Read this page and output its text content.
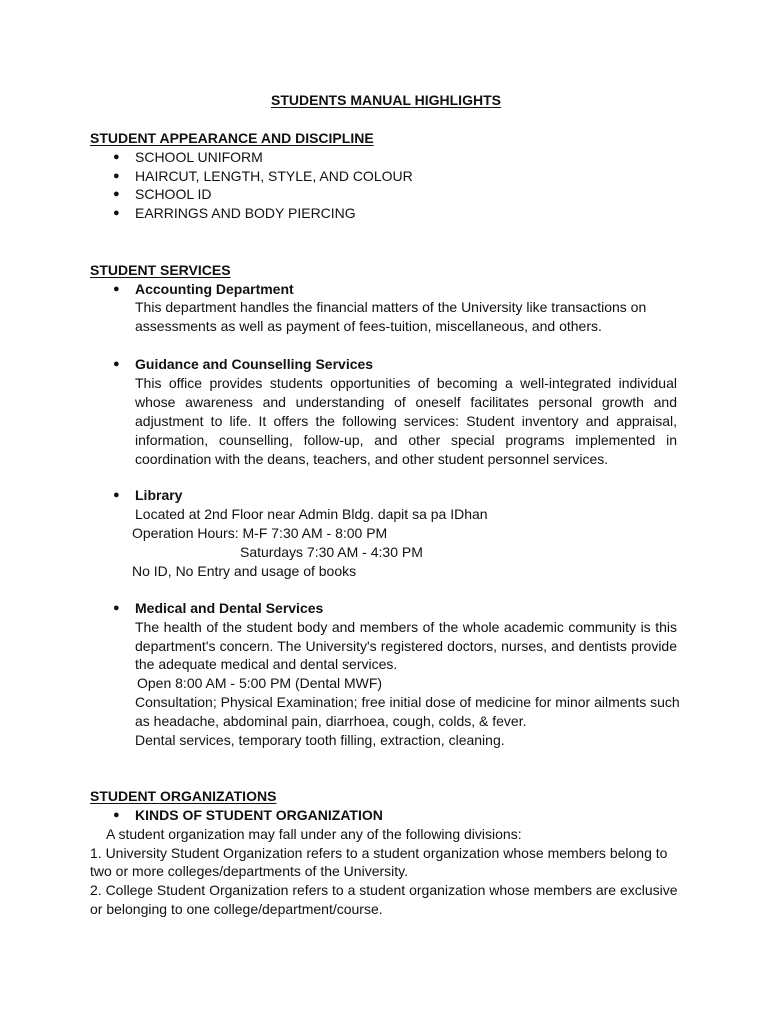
STUDENTS MANUAL HIGHLIGHTS
STUDENT APPEARANCE AND DISCIPLINE
● SCHOOL UNIFORM
● HAIRCUT, LENGTH, STYLE, AND COLOUR
● SCHOOL ID
● EARRINGS AND BODY PIERCING
STUDENT SERVICES
● Accounting Department
This department handles the financial matters of the University like transactions on
assessments as well as payment of fees-tuition, miscellaneous, and others.
● Guidance and Counselling Services
This office provides students opportunities of becoming a well-integrated individual
whose awareness and understanding of oneself facilitates personal growth and
adjustment to life. It offers the following services: Student inventory and appraisal,
information, counselling, follow-up, and other special programs implemented in
coordination with the deans, teachers, and other student personnel services.
● Library
Located at 2nd Floor near Admin Bldg. dapit sa pa IDhan
Operation Hours: M-F 7:30 AM - 8:00 PM
Saturdays 7:30 AM - 4:30 PM
No ID, No Entry and usage of books
● Medical and Dental Services
The health of the student body and members of the whole academic community is this
department's concern. The University's registered doctors, nurses, and dentists provide
the adequate medical and dental services.
Open 8:00 AM - 5:00 PM (Dental MWF)
Consultation; Physical Examination; free initial dose of medicine for minor ailments such
as headache, abdominal pain, diarrhoea, cough, colds, & fever.
Dental services, temporary tooth filling, extraction, cleaning.
STUDENT ORGANIZATIONS
● KINDS OF STUDENT ORGANIZATION
A student organization may fall under any of the following divisions:
1. University Student Organization refers to a student organization whose members belong to
two or more colleges/departments of the University.
2. College Student Organization refers to a student organization whose members are exclusive
or belonging to one college/department/course.
